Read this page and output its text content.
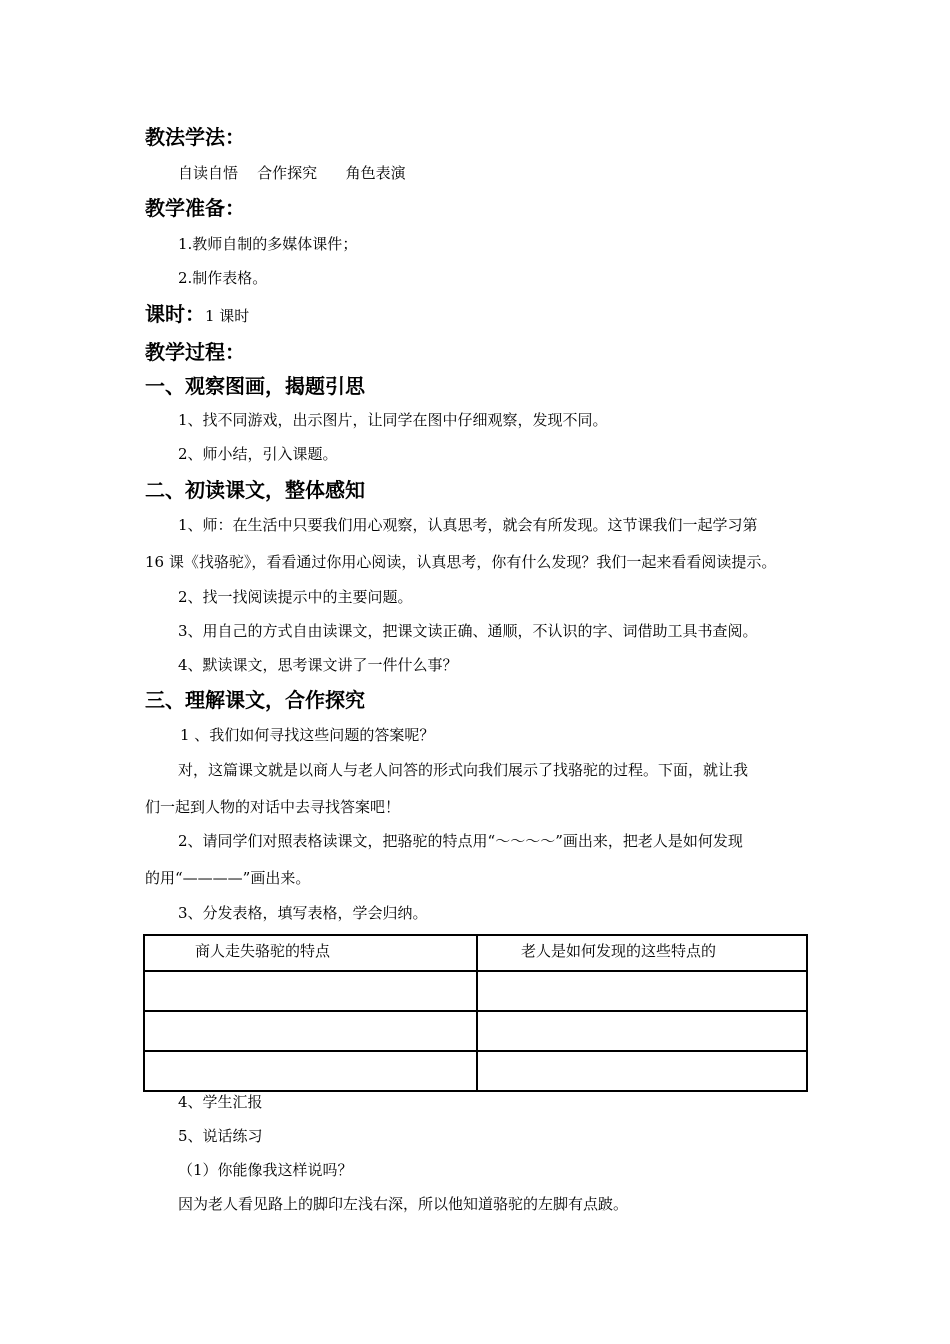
教法学法：
自读自悟    合作探究      角色表演
教学准备：
1.教师自制的多媒体课件；
2.制作表格。
课时：1 课时
教学过程：
一、观察图画，揭题引思
1、找不同游戏，出示图片，让同学在图中仔细观察，发现不同。
2、师小结，引入课题。
二、初读课文，整体感知
1、师：在生活中只要我们用心观察，认真思考，就会有所发现。这节课我们一起学习第
16 课《找骆驼》，看看通过你用心阅读，认真思考，你有什么发现？我们一起来看看阅读提示。
2、找一找阅读提示中的主要问题。
3、用自己的方式自由读课文，把课文读正确、通顺，不认识的字、词借助工具书查阅。
4、默读课文，思考课文讲了一件什么事？
三、理解课文，合作探究
1 、我们如何寻找这些问题的答案呢？
对，这篇课文就是以商人与老人问答的形式向我们展示了找骆驼的过程。下面，就让我
们一起到人物的对话中去寻找答案吧！
2、请同学们对照表格读课文，把骆驼的特点用“～～～～”画出来，把老人是如何发现
的用“————”画出来。
3、分发表格，填写表格，学会归纳。
商人走失骆驼的特点	老人是如何发现的这些特点的

4、学生汇报
5、说话练习
（1）你能像我这样说吗？
因为老人看见路上的脚印左浅右深，所以他知道骆驼的左脚有点跛。
